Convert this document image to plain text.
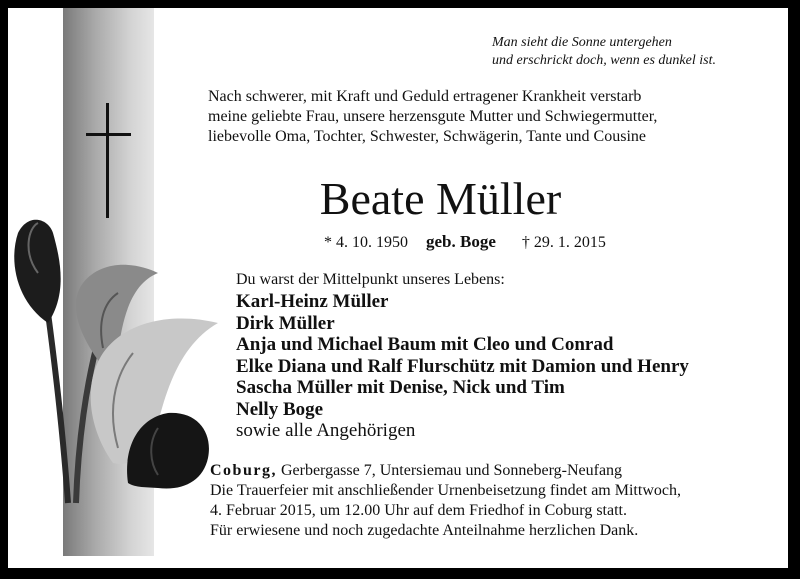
Man sieht die Sonne untergehen
und erschrickt doch, wenn es dunkel ist.
Nach schwerer, mit Kraft und Geduld ertragener Krankheit verstarb
meine geliebte Frau, unsere herzensgute Mutter und Schwiegermutter,
liebevolle Oma, Tochter, Schwester, Schwägerin, Tante und Cousine
Beate Müller
* 4. 10. 1950 geb. Boge † 29. 1. 2015
Du warst der Mittelpunkt unseres Lebens:
Karl-Heinz Müller
Dirk Müller
Anja und Michael Baum mit Cleo und Conrad
Elke Diana und Ralf Flurschütz mit Damion und Henry
Sascha Müller mit Denise, Nick und Tim
Nelly Boge
sowie alle Angehörigen
Coburg, Gerbergasse 7, Untersiemau und Sonneberg-Neufang
Die Trauerfeier mit anschließender Urnenbeisetzung findet am Mittwoch,
4. Februar 2015, um 12.00 Uhr auf dem Friedhof in Coburg statt.
Für erwiesene und noch zugedachte Anteilnahme herzlichen Dank.
